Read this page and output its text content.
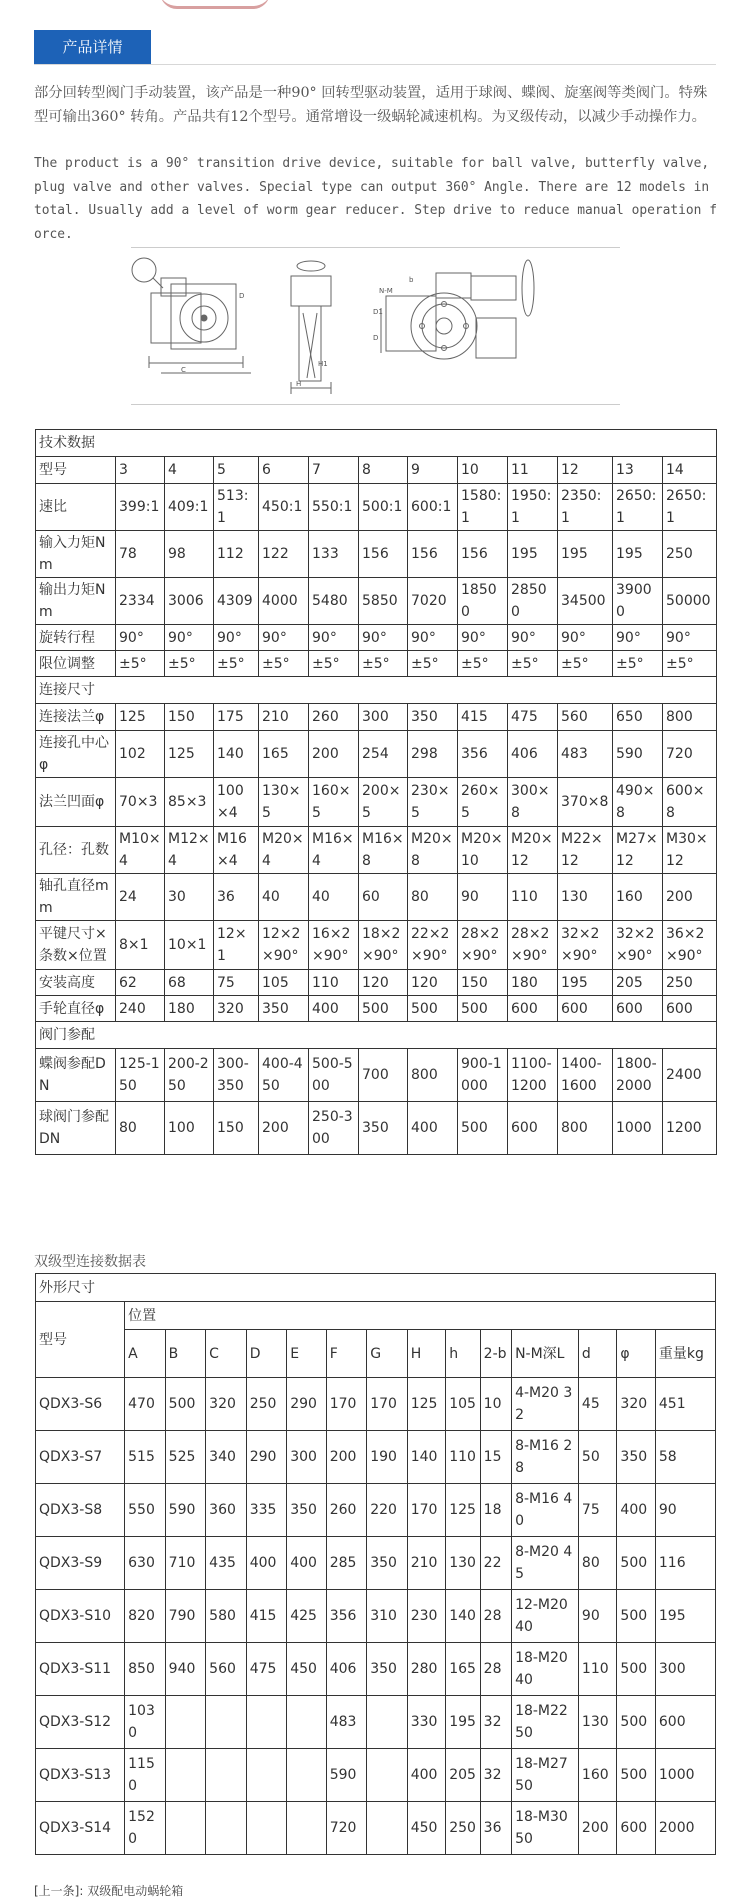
产品详情

部分回转型阀门手动装置，该产品是一种90° 回转型驱动装置，适用于球阀、蝶阀、旋塞阀等类阀门。特殊型可输出360° 转角。产品共有12个型号。通常增设一级蜗轮减速机构。为叉级传动，以减少手动操作力。

The product is a 90° transition drive device, suitable for ball valve, butterfly valve, plug valve and other valves. Special type can output 360° Angle. There are 12 models in total. Usually add a level of worm gear reducer. Step drive to reduce manual operation force.

N-M
b
D1
D
C
H
H1
D
技术数据												
型号	3	4	5	6	7	8	9	10	11	12	13	14
速比	399:1	409:1	513:1	450:1	550:1	500:1	600:1	1580:1	1950:1	2350:1	2650:1	2650:1
输入力矩Nm	78	98	112	122	133	156	156	156	195	195	195	250
输出力矩Nm	2334	3006	4309	4000	5480	5850	7020	18500	28500	34500	39000	50000
旋转行程	90°	90°	90°	90°	90°	90°	90°	90°	90°	90°	90°	90°
限位调整	±5°	±5°	±5°	±5°	±5°	±5°	±5°	±5°	±5°	±5°	±5°	±5°
连接尺寸												
连接法兰φ	125	150	175	210	260	300	350	415	475	560	650	800
连接孔中心φ	102	125	140	165	200	254	298	356	406	483	590	720
法兰凹面φ	70×3	85×3	100×4	130×5	160×5	200×5	230×5	260×5	300×8	370×8	490×8	600×8
孔径：孔数	M10×4	M12×4	M16×4	M20×4	M16×4	M16×8	M20×8	M20×10	M20×12	M22×12	M27×12	M30×12
轴孔直径mm	24	30	36	40	40	60	80	90	110	130	160	200
平键尺寸×条数×位置	8×1	10×1	12×1	12×2×90°	16×2×90°	18×2×90°	22×2×90°	28×2×90°	28×2×90°	32×2×90°	32×2×90°	36×2×90°
安装高度	62	68	75	105	110	120	120	150	180	195	205	250
手轮直径φ	240	180	320	350	400	500	500	500	600	600	600	600
阀门参配												
蝶阀参配DN	125-150	200-250	300-350	400-450	500-500	700	800	900-1000	1100-1200	1400-1600	1800-2000	2400
球阀门参配DN	80	100	150	200	250-300	350	400	500	600	800	1000	1200
双级型连接数据表
外形尺寸														
型号	位置													
	A	B	C	D	E	F	G	H	h	2-b	N-M深L	d	φ	重量kg
QDX3-S6	470	500	320	250	290	170	170	125	105	10	4-M20 32	45	320	451
QDX3-S7	515	525	340	290	300	200	190	140	110	15	8-M16 28	50	350	58
QDX3-S8	550	590	360	335	350	260	220	170	125	18	8-M16 40	75	400	90
QDX3-S9	630	710	435	400	400	285	350	210	130	22	8-M20 45	80	500	116
QDX3-S10	820	790	580	415	425	356	310	230	140	28	12-M20 40	90	500	195
QDX3-S11	850	940	560	475	450	406	350	280	165	28	18-M20 40	110	500	300
QDX3-S12	1030					483		330	195	32	18-M22 50	130	500	600
QDX3-S13	1150					590		400	205	32	18-M27 50	160	500	1000
QDX3-S14	1520					720		450	250	36	18-M30 50	200	600	2000
[上一条]: 双级配电动蜗轮箱
